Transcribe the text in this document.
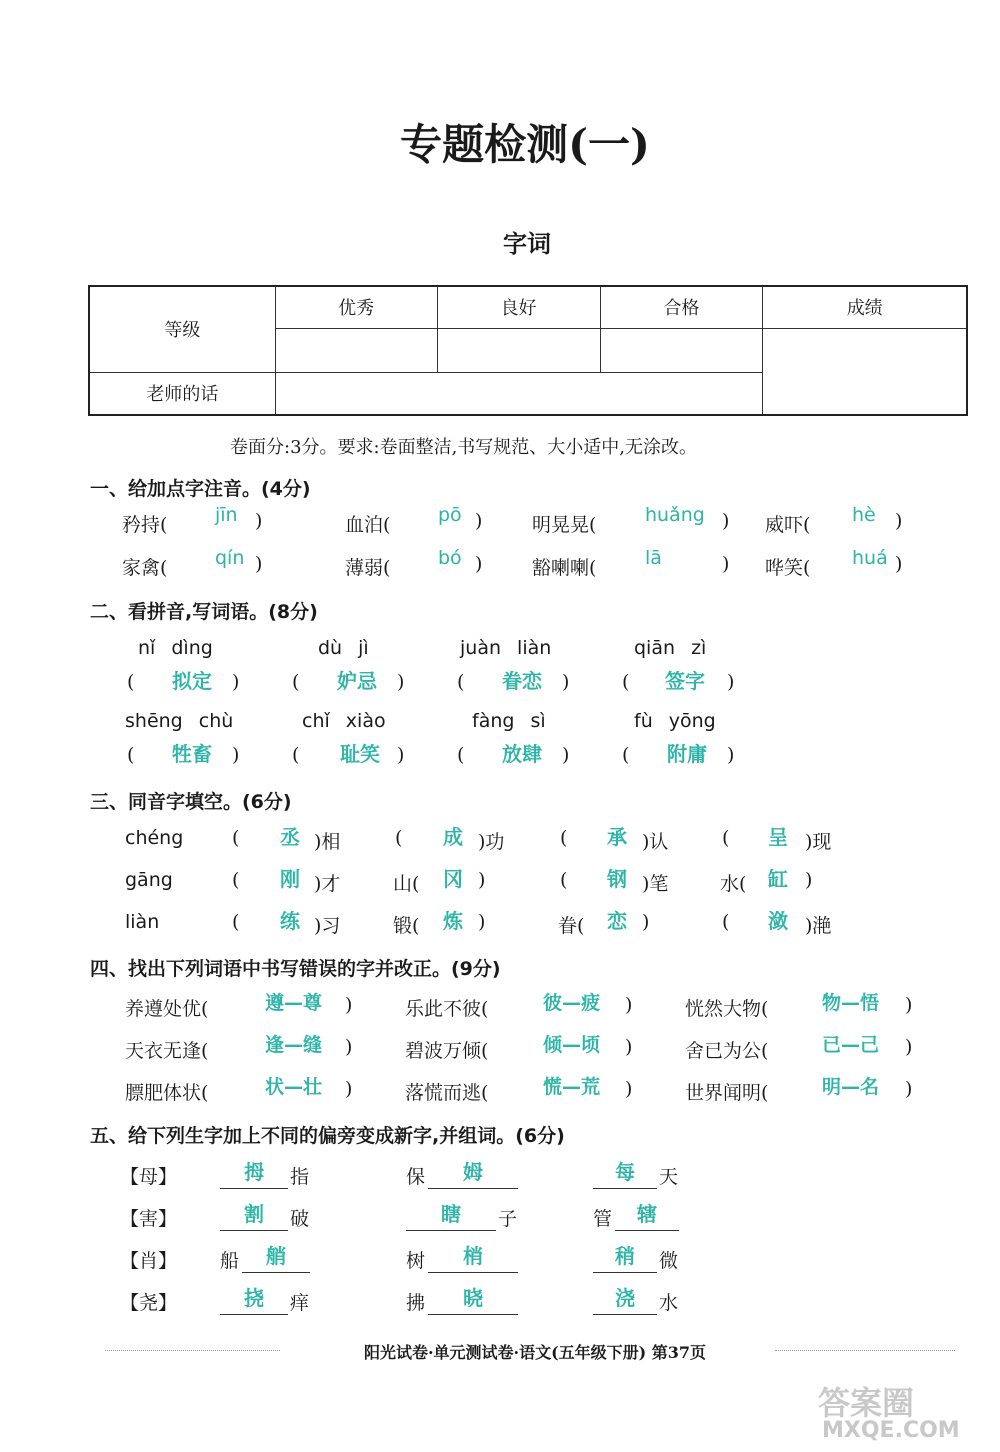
专题检测(一)
字词
等级	优秀	良好	合格	成绩

老师的话				
卷面分:3分。要求:卷面整洁,书写规范、大小适中,无涂改。
一、给加点字注音。(4分)
矜持(	jīn )	血泊(	pō )	明晃晃(	huǎng ) 威吓( hè )
家禽(	qín )	薄弱(	bó )	豁喇喇(	lā	) 哗笑( huá )
二、看拼音,写词语。(8分)
nǐ dìng
( 拟定 )
dù jì
( 妒忌 )
juàn liàn
( 眷恋 )
qiān zì
( 签字 )
shēng chù
( 牲畜 )
chǐ xiào
( 耻笑 )
fàng sì
( 放肆 )
fù yōng
( 附庸 )
三、同音字填空。(6分)
chéng	( 丞 )相	( 成 )功	( 承 )认	( 呈 )现
gāng	( 刚 )才	山( 冈 )	( 钢 )笔	水( 缸 )
liàn	( 练 )习	锻( 炼 )	眷( 恋 )	( 潋 )滟
四、找出下列词语中书写错误的字并改正。(9分)
养遵处优(	遵—尊 )	乐此不彼(	彼—疲 )	恍然大物(	物—悟 )
天衣无逢(	逢—缝 )	碧波万倾(	倾—顷 )	舍已为公(	已—己 )
膘肥体状(	状—壮 )	落慌而逃(	慌—荒 )	世界闻明(	明—名 )
五、给下列生字加上不同的偏旁变成新字,并组词。(6分)
【母】	拇 指	保 姆	每 天
【害】	割 破	瞎 子	管 辖
【肖】 船 艄	树 梢	稍 微
【尧】	挠 痒	拂 晓	浇 水
阳光试卷·单元测试卷·语文(五年级下册) 第37页
答案圈
MXQE.COM
